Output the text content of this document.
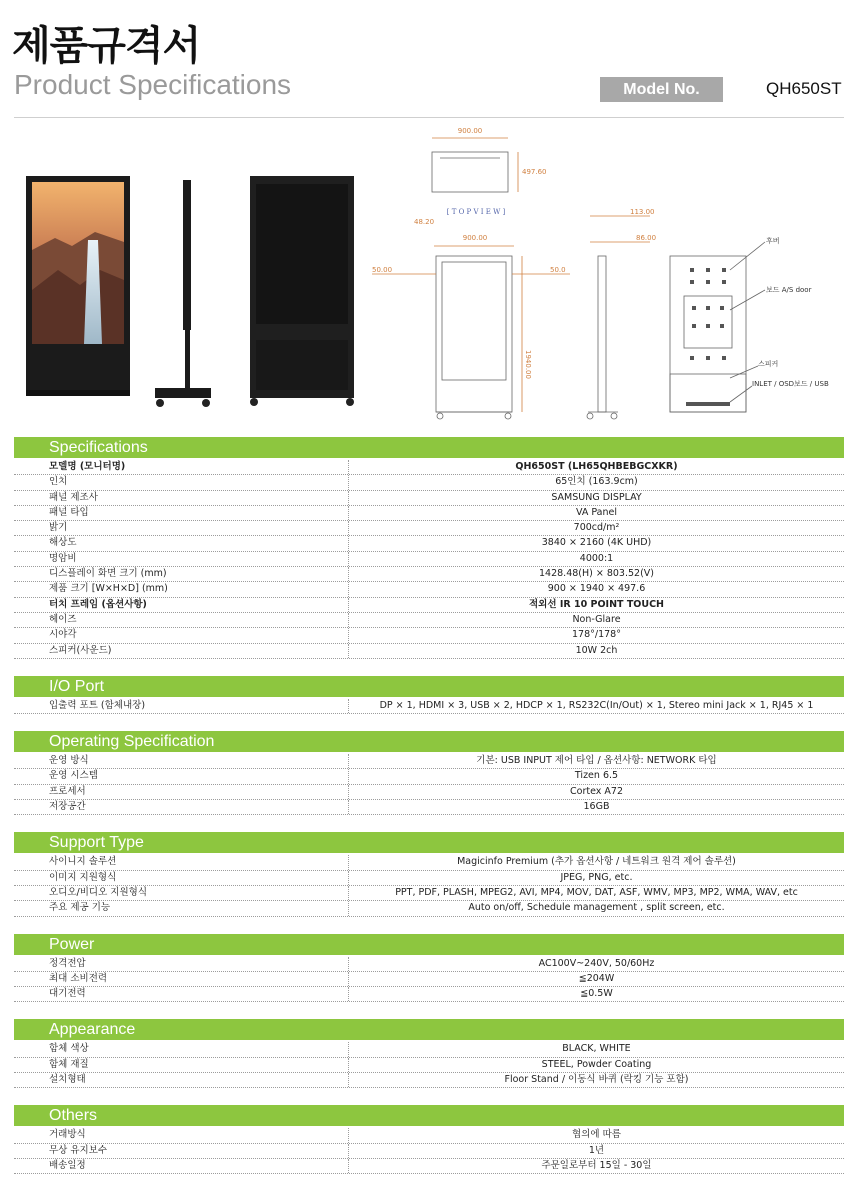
제품규격서
Product Specifications	Model No.	QH650ST
900.00
497.60
[ T O P V I E W ]
48.20
900.00
50.00	50.0
1940.00
113.00
86.00	후버
보드 A/S door
스피커
INLET / OSD보드 / USB
Specifications
모델명 (모니터명)	QH650ST (LH65QHBEBGCXKR)
인치	65인치 (163.9cm)
패널 제조사	SAMSUNG DISPLAY
패널 타입	VA Panel
밝기	700cd/m²
해상도	3840 × 2160 (4K UHD)
명암비	4000:1
디스플레이 화면 크기 (mm)	1428.48(H) × 803.52(V)
제품 크기 [W×H×D] (mm)	900 × 1940 × 497.6
터치 프레임 (옵션사항)	적외선 IR 10 POINT TOUCH
헤이즈	Non-Glare
시야각	178°/178°
스피커(사운드)	10W 2ch
I/O Port
입출력 포트 (함체내장)	DP × 1, HDMI × 3, USB × 2, HDCP × 1, RS232C(In/Out) × 1, Stereo mini Jack × 1, RJ45 × 1
Operating Specification
운영 방식	기본: USB INPUT 제어 타입 / 옵션사항: NETWORK 타입
운영 시스템	Tizen 6.5
프로세서	Cortex A72
저장공간	16GB
Support Type
사이니지 솔루션	Magicinfo Premium (추가 옵션사항 / 네트워크 원격 제어 솔루션)
이미지 지원형식	JPEG, PNG, etc.
오디오/비디오 지원형식	PPT, PDF, PLASH, MPEG2, AVI, MP4, MOV, DAT, ASF, WMV, MP3, MP2, WMA, WAV, etc
주요 제공 기능	Auto on/off, Schedule management , split screen, etc.
Power
정격전압	AC100V~240V, 50/60Hz
최대 소비전력	≦204W
대기전력	≦0.5W
Appearance
함체 색상	BLACK, WHITE
함체 재질	STEEL, Powder Coating
설치형태	Floor Stand / 이동식 바퀴 (락킹 기능 포함)
Others
거래방식	협의에 따름
무상 유지보수	1년
배송일정	주문일로부터 15일 - 30일
